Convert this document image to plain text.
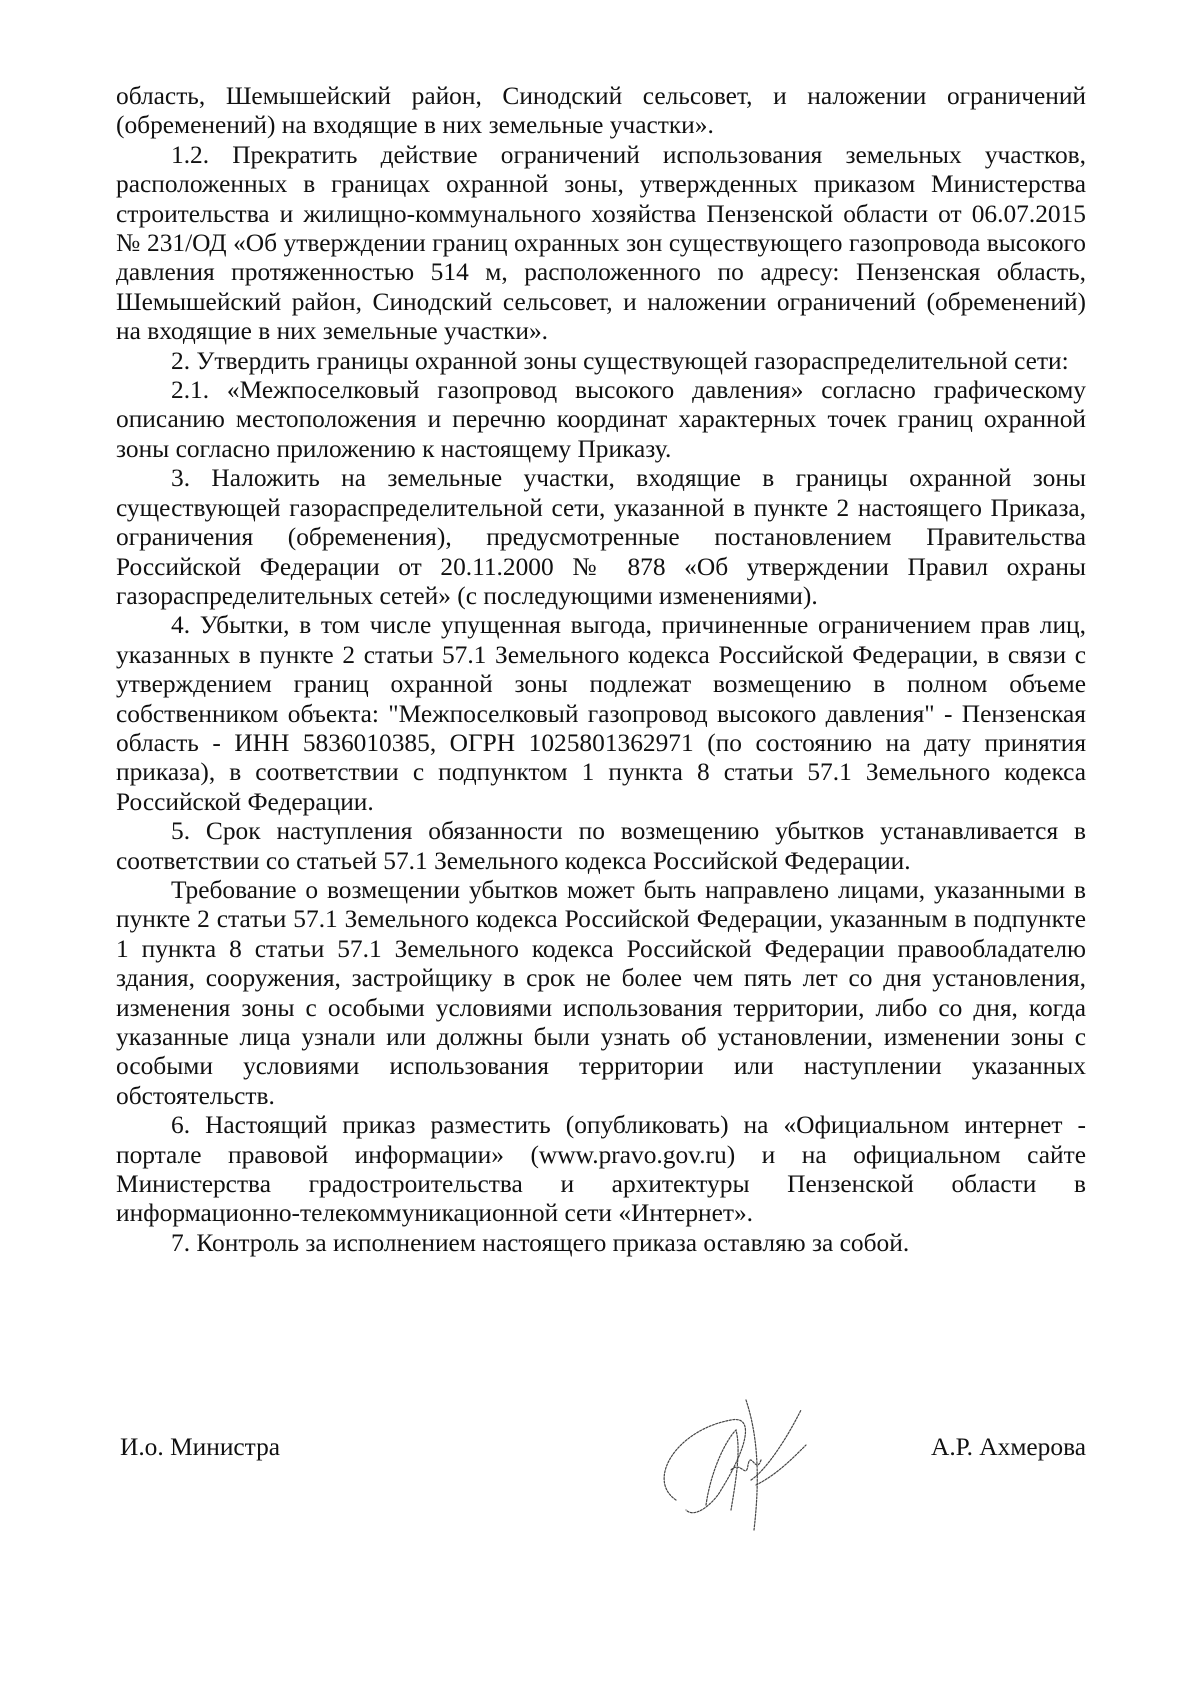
область, Шемышейский район, Синодский сельсовет, и наложении ограничений (обременений) на входящие в них земельные участки».

1.2. Прекратить действие ограничений использования земельных участков, расположенных в границах охранной зоны, утвержденных приказом Министерства строительства и жилищно-коммунального хозяйства Пензенской области от 06.07.2015 № 231/ОД «Об утверждении границ охранных зон существующего газопровода высокого давления протяженностью 514 м, расположенного по адресу: Пензенская область, Шемышейский район, Синодский сельсовет, и наложении ограничений (обременений) на входящие в них земельные участки».

2. Утвердить границы охранной зоны существующей газораспределительной сети:

2.1. «Межпоселковый газопровод высокого давления» согласно графическому описанию местоположения и перечню координат характерных точек границ охранной зоны согласно приложению к настоящему Приказу.

3. Наложить на земельные участки, входящие в границы охранной зоны существующей газораспределительной сети, указанной в пункте 2 настоящего Приказа, ограничения (обременения), предусмотренные постановлением Правительства Российской Федерации от 20.11.2000 № 878 «Об утверждении Правил охраны газораспределительных сетей» (с последующими изменениями).

4. Убытки, в том числе упущенная выгода, причиненные ограничением прав лиц, указанных в пункте 2 статьи 57.1 Земельного кодекса Российской Федерации, в связи с утверждением границ охранной зоны подлежат возмещению в полном объеме собственником объекта: "Межпоселковый газопровод высокого давления" - Пензенская область - ИНН 5836010385, ОГРН 1025801362971 (по состоянию на дату принятия приказа), в соответствии с подпунктом 1 пункта 8 статьи 57.1 Земельного кодекса Российской Федерации.

5. Срок наступления обязанности по возмещению убытков устанавливается в соответствии со статьей 57.1 Земельного кодекса Российской Федерации.

Требование о возмещении убытков может быть направлено лицами, указанными в пункте 2 статьи 57.1 Земельного кодекса Российской Федерации, указанным в подпункте 1 пункта 8 статьи 57.1 Земельного кодекса Российской Федерации правообладателю здания, сооружения, застройщику в срок не более чем пять лет со дня установления, изменения зоны с особыми условиями использования территории, либо со дня, когда указанные лица узнали или должны были узнать об установлении, изменении зоны с особыми условиями использования территории или наступлении указанных обстоятельств.

6. Настоящий приказ разместить (опубликовать) на «Официальном интернет - портале правовой информации» (www.pravo.gov.ru) и на официальном сайте Министерства градостроительства и архитектуры Пензенской области в информационно-телекоммуникационной сети «Интернет».

7. Контроль за исполнением настоящего приказа оставляю за собой.

И.о. Министра	А.Р. Ахмерова
